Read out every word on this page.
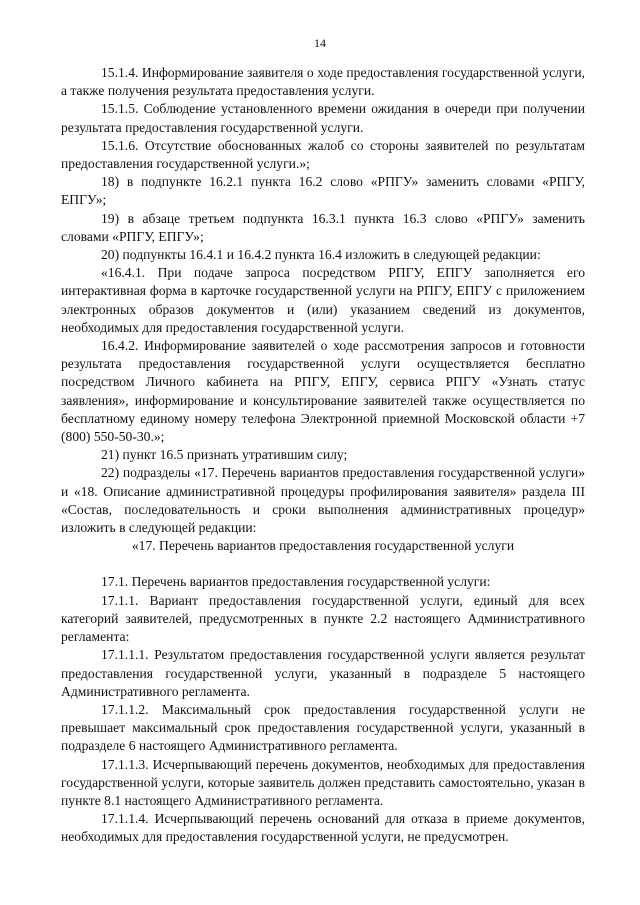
14

15.1.4. Информирование заявителя о ходе предоставления государственной услуги, а также получения результата предоставления услуги.

15.1.5. Соблюдение установленного времени ожидания в очереди при получении результата предоставления государственной услуги.

15.1.6. Отсутствие обоснованных жалоб со стороны заявителей по результатам предоставления государственной услуги.»;

18) в подпункте 16.2.1 пункта 16.2 слово «РПГУ» заменить словами «РПГУ, ЕПГУ»;

19) в абзаце третьем подпункта 16.3.1 пункта 16.3 слово «РПГУ» заменить словами «РПГУ, ЕПГУ»;

20) подпункты 16.4.1 и 16.4.2 пункта 16.4 изложить в следующей редакции:

«16.4.1. При подаче запроса посредством РПГУ, ЕПГУ заполняется его интерактивная форма в карточке государственной услуги на РПГУ, ЕПГУ с приложением электронных образов документов и (или) указанием сведений из документов, необходимых для предоставления государственной услуги.

16.4.2. Информирование заявителей о ходе рассмотрения запросов и готовности результата предоставления государственной услуги осуществляется бесплатно посредством Личного кабинета на РПГУ, ЕПГУ, сервиса РПГУ «Узнать статус заявления», информирование и консультирование заявителей также осуществляется по бесплатному единому номеру телефона Электронной приемной Московской области +7 (800) 550-50-30.»;

21) пункт 16.5 признать утратившим силу;

22) подразделы «17. Перечень вариантов предоставления государственной услуги» и «18. Описание административной процедуры профилирования заявителя» раздела III «Состав, последовательность и сроки выполнения административных процедур» изложить в следующей редакции:

«17. Перечень вариантов предоставления государственной услуги

17.1. Перечень вариантов предоставления государственной услуги:

17.1.1. Вариант предоставления государственной услуги, единый для всех категорий заявителей, предусмотренных в пункте 2.2 настоящего Административного регламента:

17.1.1.1. Результатом предоставления государственной услуги является результат предоставления государственной услуги, указанный в подразделе 5 настоящего Административного регламента.

17.1.1.2. Максимальный срок предоставления государственной услуги не превышает максимальный срок предоставления государственной услуги, указанный в подразделе 6 настоящего Административного регламента.

17.1.1.3. Исчерпывающий перечень документов, необходимых для предоставления государственной услуги, которые заявитель должен представить самостоятельно, указан в пункте 8.1 настоящего Административного регламента.

17.1.1.4. Исчерпывающий перечень оснований для отказа в приеме документов, необходимых для предоставления государственной услуги, не предусмотрен.
